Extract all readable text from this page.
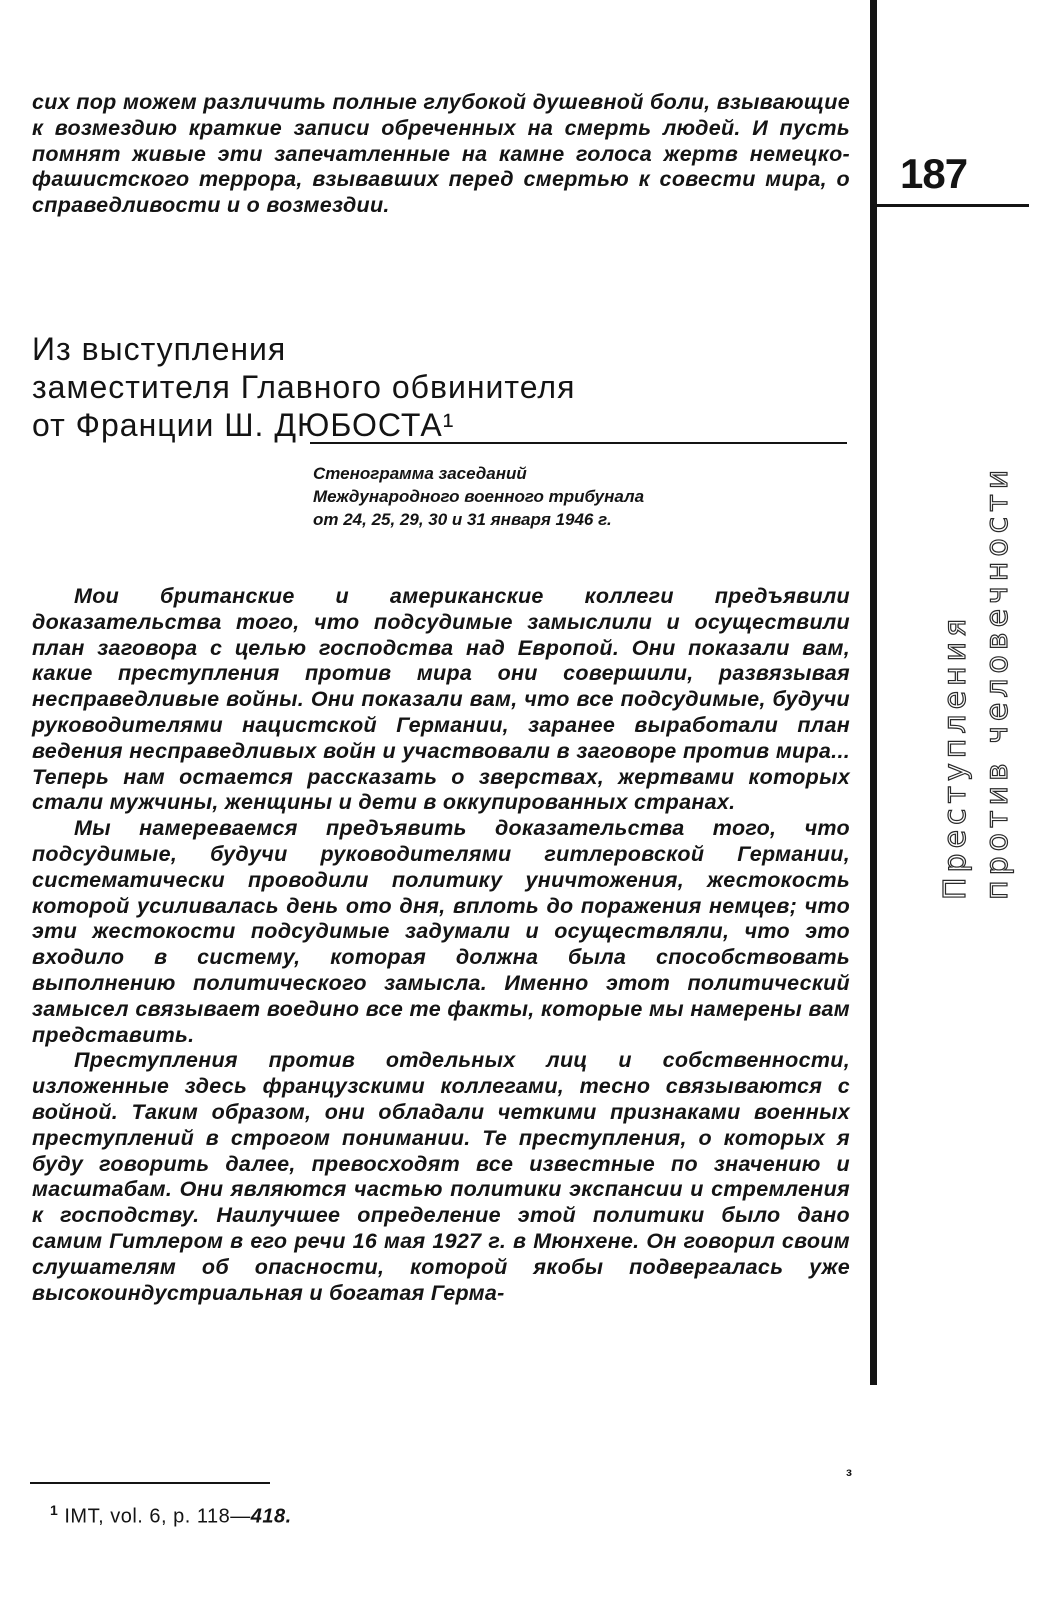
187
Преступления против человечности

сих пор можем различить полные глубокой душевной боли, взывающие к возмездию краткие записи обреченных на смерть людей. И пусть помнят живые эти запечатленные на камне голоса жертв немецко-фашистского террора, взывавших перед смертью к совести мира, о справедливости и о возмездии.

Из выступления
заместителя Главного обвинителя
от Франции Ш. ДЮБОСТА¹
Стенограмма заседаний
Международного военного трибунала
от 24, 25, 29, 30 и 31 января 1946 г.

Мои британские и американские коллеги предъявили доказательства того, что подсудимые замыслили и осуществили план заговора с целью господства над Европой. Они показали вам, какие преступления против мира они совершили, развязывая несправедливые войны. Они показали вам, что все подсудимые, будучи руководителями нацистской Германии, заранее выработали план ведения несправедливых войн и участвовали в заговоре против мира... Теперь нам остается рассказать о зверствах, жертвами которых стали мужчины, женщины и дети в оккупированных странах.

Мы намереваемся предъявить доказательства того, что подсудимые, будучи руководителями гитлеровской Германии, систематически проводили политику уничтожения, жестокость которой усиливалась день ото дня, вплоть до поражения немцев; что эти жестокости подсудимые задумали и осуществляли, что это входило в систему, которая должна была способствовать выполнению политического замысла. Именно этот политический замысел связывает воедино все те факты, которые мы намерены вам представить.

Преступления против отдельных лиц и собственности, изложенные здесь французскими коллегами, тесно связываются с войной. Таким образом, они обладали четкими признаками военных преступлений в строгом понимании. Те преступления, о которых я буду говорить далее, превосходят все известные по значению и масштабам. Они являются частью политики экспансии и стремления к господству. Наилучшее определение этой политики было дано самим Гитлером в его речи 16 мая 1927 г. в Мюнхене. Он говорил своим слушателям об опасности, которой якобы подвергалась уже высокоиндустриальная и богатая Герма-

з
$^1$ IMT, vol. 6, p. 118—418.
